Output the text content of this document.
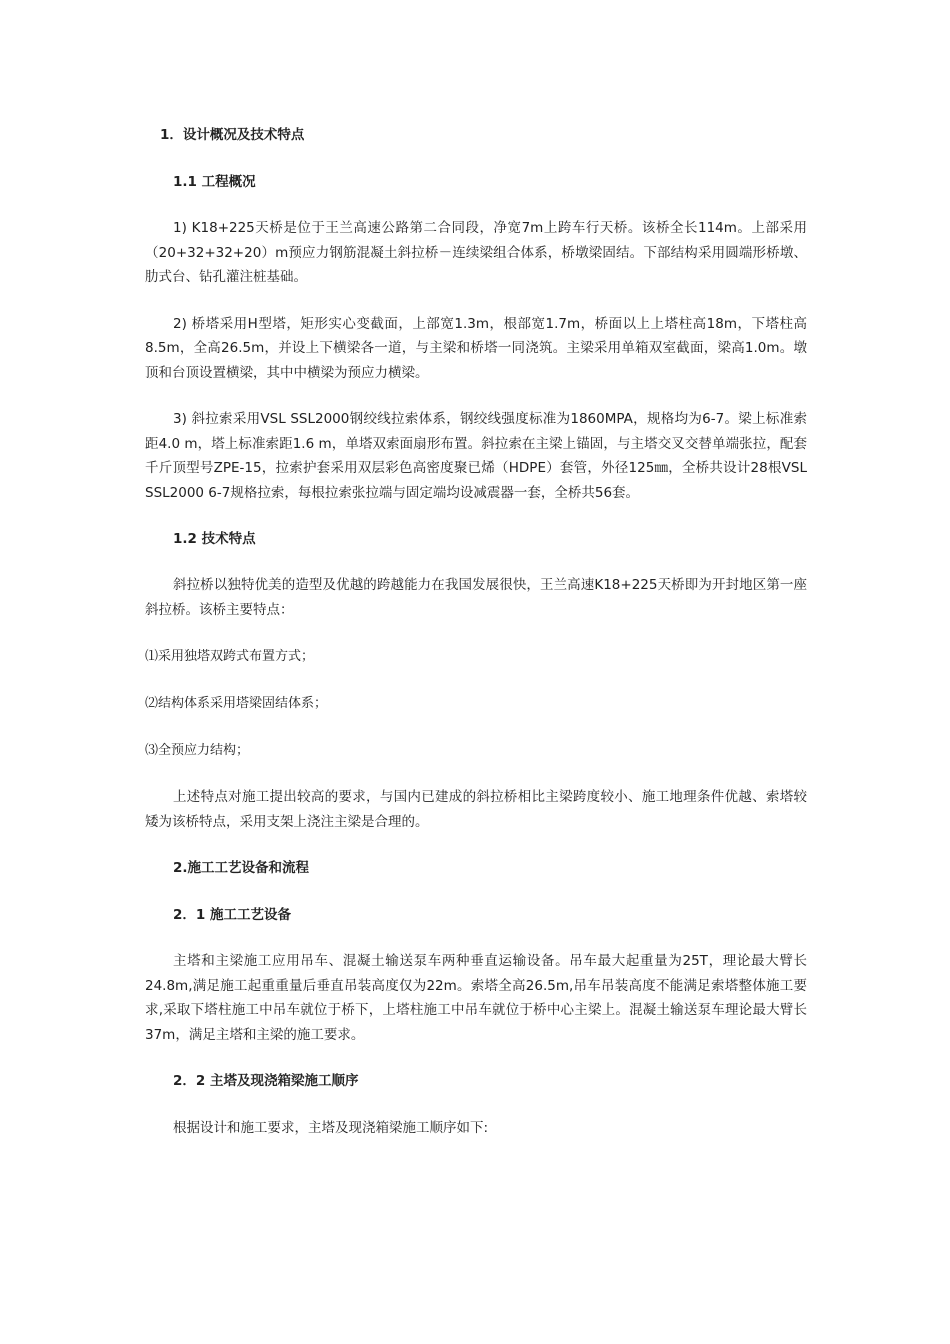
1．设计概况及技术特点

1.1 工程概况

1) K18+225天桥是位于王兰高速公路第二合同段，净宽7m上跨车行天桥。该桥全长114m。上部采用（20+32+32+20）m预应力钢筋混凝土斜拉桥－连续梁组合体系，桥墩梁固结。下部结构采用圆端形桥墩、肋式台、钻孔灌注桩基础。

2) 桥塔采用H型塔，矩形实心变截面，上部宽1.3m，根部宽1.7m，桥面以上上塔柱高18m，下塔柱高8.5m，全高26.5m，并设上下横梁各一道，与主梁和桥塔一同浇筑。主梁采用单箱双室截面，梁高1.0m。墩顶和台顶设置横梁，其中中横梁为预应力横梁。

3) 斜拉索采用VSL SSL2000钢绞线拉索体系，钢绞线强度标准为1860MPA，规格均为6-7。梁上标准索距4.0 m，塔上标准索距1.6 m，单塔双索面扇形布置。斜拉索在主梁上锚固，与主塔交叉交替单端张拉，配套千斤顶型号ZPE-15，拉索护套采用双层彩色高密度聚已烯（HDPE）套管，外径125㎜，全桥共设计28根VSL SSL2000 6-7规格拉索，每根拉索张拉端与固定端均设减震器一套，全桥共56套。

1.2 技术特点

斜拉桥以独特优美的造型及优越的跨越能力在我国发展很快，王兰高速K18+225天桥即为开封地区第一座斜拉桥。该桥主要特点：

⑴采用独塔双跨式布置方式；

⑵结构体系采用塔梁固结体系；

⑶全预应力结构；

上述特点对施工提出较高的要求，与国内已建成的斜拉桥相比主梁跨度较小、施工地理条件优越、索塔较矮为该桥特点，采用支架上浇注主梁是合理的。

2.施工工艺设备和流程

2．1 施工工艺设备

主塔和主梁施工应用吊车、混凝土输送泵车两种垂直运输设备。吊车最大起重量为25T，理论最大臂长24.8m,满足施工起重重量后垂直吊装高度仅为22m。索塔全高26.5m,吊车吊装高度不能满足索塔整体施工要求,采取下塔柱施工中吊车就位于桥下，上塔柱施工中吊车就位于桥中心主梁上。混凝土输送泵车理论最大臂长37m，满足主塔和主梁的施工要求。

2．2 主塔及现浇箱梁施工顺序

根据设计和施工要求，主塔及现浇箱梁施工顺序如下:
